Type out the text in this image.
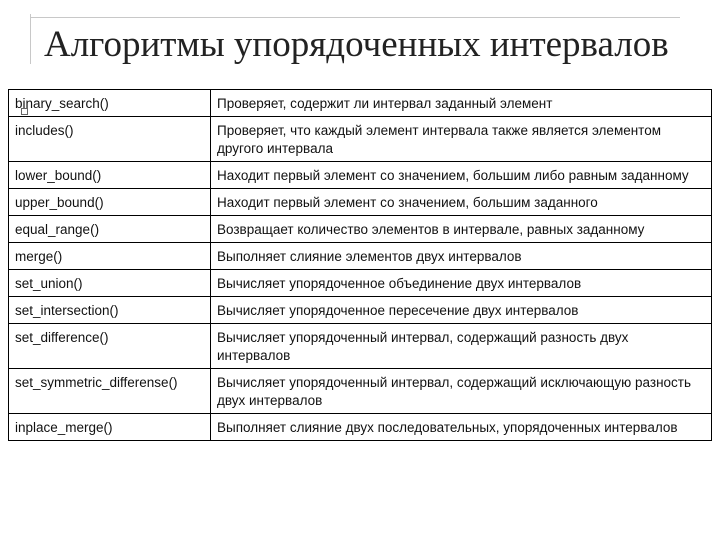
Алгоритмы упорядоченных интервалов
binary_search()	Проверяет, содержит ли интервал заданный элемент
includes()	Проверяет, что каждый элемент интервала также является элементом другого интервала
lower_bound()	Находит первый элемент со значением, большим либо равным заданному
upper_bound()	Находит первый элемент со значением, большим заданного
equal_range()	Возвращает количество элементов в интервале, равных заданному
merge()	Выполняет слияние элементов двух интервалов
set_union()	Вычисляет упорядоченное объединение двух интервалов
set_intersection()	Вычисляет упорядоченное пересечение двух интервалов
set_difference()	Вычисляет упорядоченный интервал, содержащий разность двух интервалов
set_symmetric_differense()	Вычисляет упорядоченный интервал, содержащий исключающую разность двух интервалов
inplace_merge()	Выполняет слияние двух последовательных, упорядоченных интервалов
